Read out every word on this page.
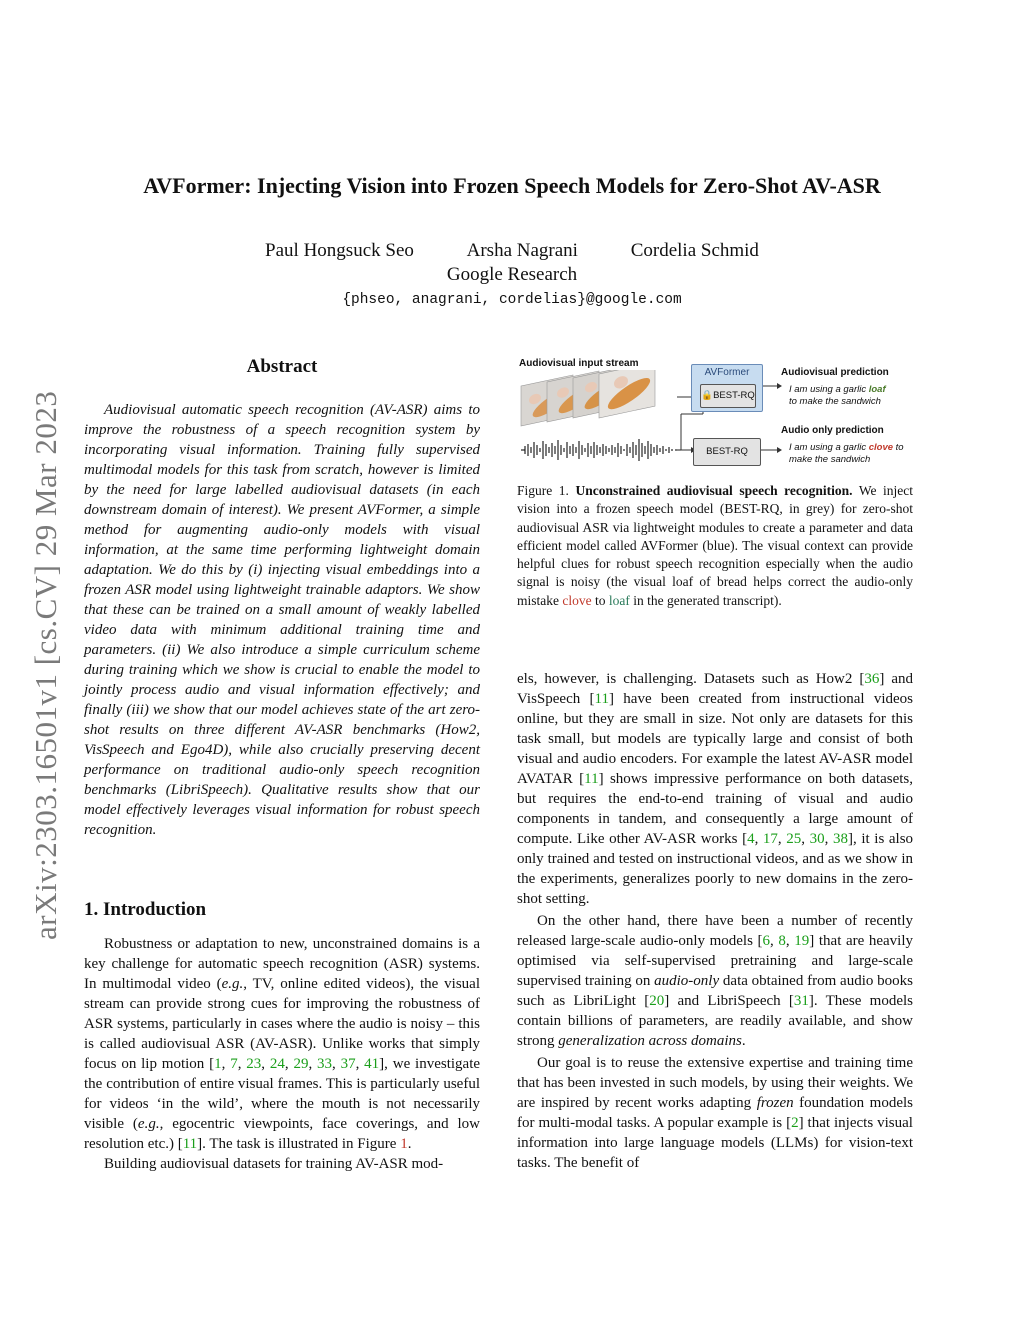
AVFormer: Injecting Vision into Frozen Speech Models for Zero-Shot AV-ASR
Paul Hongsuck Seo	Arsha Nagrani	Cordelia Schmid
Google Research
{phseo, anagrani, cordelias}@google.com
arXiv:2303.16501v1 [cs.CV] 29 Mar 2023
Abstract

Audiovisual automatic speech recognition (AV-ASR) aims to improve the robustness of a speech recognition system by incorporating visual information. Training fully supervised multimodal models for this task from scratch, however is limited by the need for large labelled audiovisual datasets (in each downstream domain of interest). We present AVFormer, a simple method for augmenting audio-only models with visual information, at the same time performing lightweight domain adaptation. We do this by (i) injecting visual embeddings into a frozen ASR model using lightweight trainable adaptors. We show that these can be trained on a small amount of weakly labelled video data with minimum additional training time and parameters. (ii) We also introduce a simple curriculum scheme during training which we show is crucial to enable the model to jointly process audio and visual information effectively; and finally (iii) we show that our model achieves state of the art zero-shot results on three different AV-ASR benchmarks (How2, VisSpeech and Ego4D), while also crucially preserving decent performance on traditional audio-only speech recognition benchmarks (LibriSpeech). Qualitative results show that our model effectively leverages visual information for robust speech recognition.

1. Introduction

Robustness or adaptation to new, unconstrained domains is a key challenge for automatic speech recognition (ASR) systems. In multimodal video (e.g., TV, online edited videos), the visual stream can provide strong cues for improving the robustness of ASR systems, particularly in cases where the audio is noisy – this is called audiovisual ASR (AV-ASR). Unlike works that simply focus on lip motion [1, 7, 23, 24, 29, 33, 37, 41], we investigate the contribution of entire visual frames. This is particularly useful for videos ‘in the wild’, where the mouth is not necessarily visible (e.g., egocentric viewpoints, face coverings, and low resolution etc.) [11]. The task is illustrated in Figure 1.

Building audiovisual datasets for training AV-ASR mod-

Audiovisual input stream
AVFormer
🔒BEST-RQ
BEST-RQ
Audiovisual prediction
I am using a garlic loaf
to make the sandwich
Audio only prediction
I am using a garlic clove to
make the sandwich
Figure 1. Unconstrained audiovisual speech recognition. We inject vision into a frozen speech model (BEST-RQ, in grey) for zero-shot audiovisual ASR via lightweight modules to create a parameter and data efficient model called AVFormer (blue). The visual context can provide helpful clues for robust speech recognition especially when the audio signal is noisy (the visual loaf of bread helps correct the audio-only mistake clove to loaf in the generated transcript).

els, however, is challenging. Datasets such as How2 [36] and VisSpeech [11] have been created from instructional videos online, but they are small in size. Not only are datasets for this task small, but models are typically large and consist of both visual and audio encoders. For example the latest AV-ASR model AVATAR [11] shows impressive performance on both datasets, but requires the end-to-end training of visual and audio components in tandem, and consequently a large amount of compute. Like other AV-ASR works [4, 17, 25, 30, 38], it is also only trained and tested on instructional videos, and as we show in the experiments, generalizes poorly to new domains in the zero-shot setting.

On the other hand, there have been a number of recently released large-scale audio-only models [6, 8, 19] that are heavily optimised via self-supervised pretraining and large-scale supervised training on audio-only data obtained from audio books such as LibriLight [20] and LibriSpeech [31]. These models contain billions of parameters, are readily available, and show strong generalization across domains.

Our goal is to reuse the extensive expertise and training time that has been invested in such models, by using their weights. We are inspired by recent works adapting frozen foundation models for multi-modal tasks. A popular example is [2] that injects visual information into large language models (LLMs) for vision-text tasks. The benefit of
